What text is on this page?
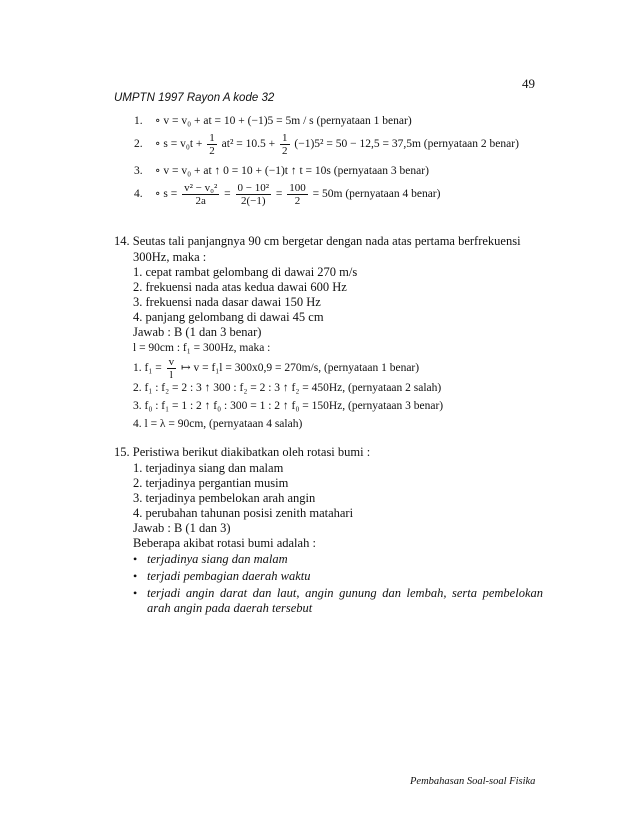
49
UMPTN 1997 Rayon A kode 32
1. ∘ v = v₀ + at = 10 + (−1)5 = 5m / s (pernyataan 1 benar)
2. ∘ $s = v_0t + \frac{1}{2} at^2 = 10.5 + \frac{1}{2} (-1)5^2 = 50 - 12,5 = 37,5m$ (pernyataan 2 benar)
3. ∘ v = v₀ + at ↑ 0 = 10 + (−1)t ↑ t = 10s (pernyataan 3 benar)
4. ∘ $s = \frac{\text{v² − v₀²}}{2a} = \frac{\text{0 − 10²}}{2(-1)} = \frac{100}{2} = 50m$ (pernyataan 4 benar)
14. Seutas tali panjangnya 90 cm bergetar dengan nada atas pertama berfrekuensi
300Hz, maka :
1. cepat rambat gelombang di dawai 270 m/s
2. frekuensi nada atas kedua dawai 600 Hz
3. frekuensi nada dasar dawai 150 Hz
4. panjang gelombang di dawai 45 cm
Jawab : B (1 dan 3 benar)
l = 90cm : f₁ = 300Hz, maka :
1. $f_1 = \frac{v}{l}$ ↦ v = f₁l = 300x0,9 = 270m/s, (pernyataan 1 benar)
2. f₁ : f₂ = 2 : 3 ↑ 300 : f₂ = 2 : 3 ↑ f₂ = 450Hz, (pernyataan 2 salah)
3. f₀ : f₁ = 1 : 2 ↑ f₀ : 300 = 1 : 2 ↑ f₀ = 150Hz, (pernyataan 3 benar)
4. l = λ = 90cm, (pernyataan 4 salah)
15. Peristiwa berikut diakibatkan oleh rotasi bumi :
1. terjadinya siang dan malam
2. terjadinya pergantian musim
3. terjadinya pembelokan arah angin
4. perubahan tahunan posisi zenith matahari
Jawab : B (1 dan 3)
Beberapa akibat rotasi bumi adalah :
• terjadinya siang dan malam
• terjadi pembagian daerah waktu
• terjadi angin darat dan laut, angin gunung dan lembah, serta pembelokan
arah angin pada daerah tersebut
Pembahasan Soal-soal Fisika
